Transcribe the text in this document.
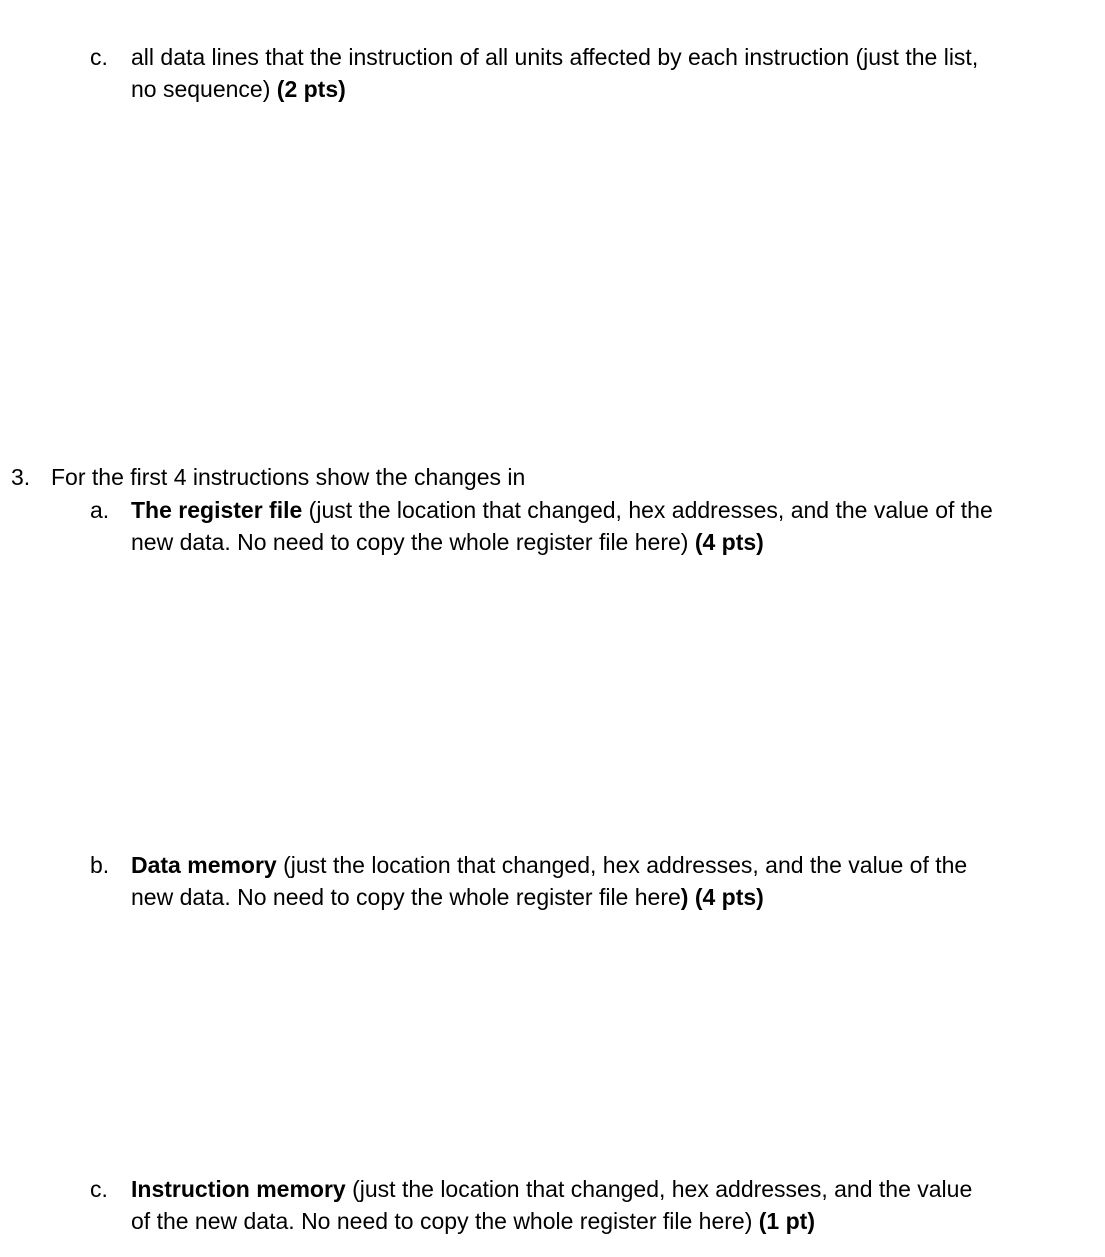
c. all data lines that the instruction of all units affected by each instruction (just the list,
no sequence) (2 pts)
3. For the first 4 instructions show the changes in
a. The register file (just the location that changed, hex addresses, and the value of the
new data. No need to copy the whole register file here) (4 pts)
b. Data memory (just the location that changed, hex addresses, and the value of the
new data. No need to copy the whole register file here) (4 pts)
c. Instruction memory (just the location that changed, hex addresses, and the value
of the new data. No need to copy the whole register file here) (1 pt)
